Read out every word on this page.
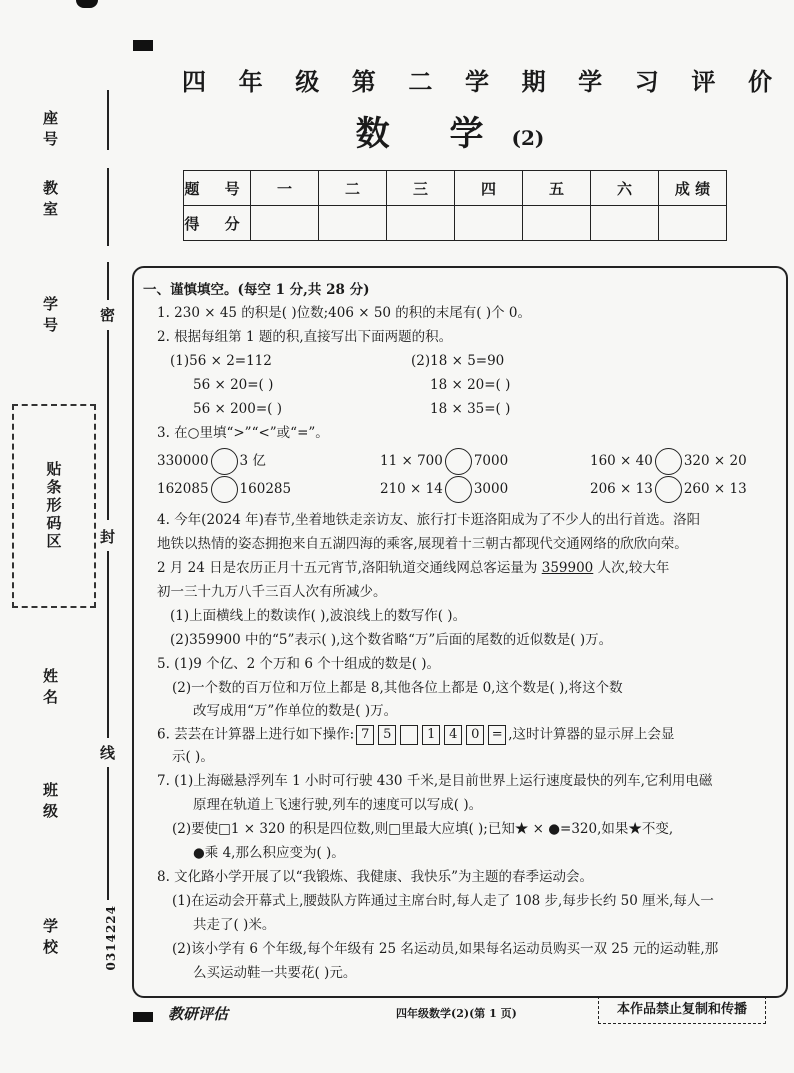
座号
教室
学号
姓名
班级
学校
密
封
线
贴条形码区
0314224
四 年 级 第 二 学 期 学 习 评 价
数 学 (2)
题 号	一	二	三	四	五	六	成 绩
得 分							
一、谨慎填空。(每空 1 分,共 28 分)
1. 230 × 45 的积是( )位数;406 × 50 的积的末尾有( )个 0。
2. 根据每组第 1 题的积,直接写出下面两题的积。
(1)56 × 2=112
56 × 20=( )
56 × 200=( )
(2)18 × 5=90
18 × 20=( )
18 × 35=( )
3. 在○里填“>”“<”或“=”。
330000 3 亿	11 × 700 7000	160 × 40 320 × 20
162085 160285	210 × 14 3000	206 × 13 260 × 13
4. 今年(2024 年)春节,坐着地铁走亲访友、旅行打卡逛洛阳成为了不少人的出行首选。洛阳
地铁以热情的姿态拥抱来自五湖四海的乘客,展现着十三朝古都现代交通网络的欣欣向荣。
2 月 24 日是农历正月十五元宵节,洛阳轨道交通线网总客运量为 359900 人次,较大年
初一三十九万八千三百人次有所减少。
(1)上面横线上的数读作( ),波浪线上的数写作( )。
(2)359900 中的“5”表示( ),这个数省略“万”后面的尾数的近似数是( )万。
5. (1)9 个亿、2 个万和 6 个十组成的数是( )。
(2)一个数的百万位和万位上都是 8,其他各位上都是 0,这个数是( ),将这个数
改写成用“万”作单位的数是( )万。
6. 芸芸在计算器上进行如下操作: 7 5	1 4 0 = ,这时计算器的显示屏上会显
示( )。
7. (1)上海磁悬浮列车 1 小时可行驶 430 千米,是目前世界上运行速度最快的列车,它利用电磁
原理在轨道上飞速行驶,列车的速度可以写成( )。
(2)要使□1 × 320 的积是四位数,则□里最大应填( );已知★ × ●=320,如果★不变,
●乘 4,那么积应变为( )。
8. 文化路小学开展了以“我锻炼、我健康、我快乐”为主题的春季运动会。
(1)在运动会开幕式上,腰鼓队方阵通过主席台时,每人走了 108 步,每步长约 50 厘米,每人一
共走了( )米。
(2)该小学有 6 个年级,每个年级有 25 名运动员,如果每名运动员购买一双 25 元的运动鞋,那
么买运动鞋一共要花( )元。
教研评估	四年级数学(2)(第 1 页)	本作品禁止复制和传播
